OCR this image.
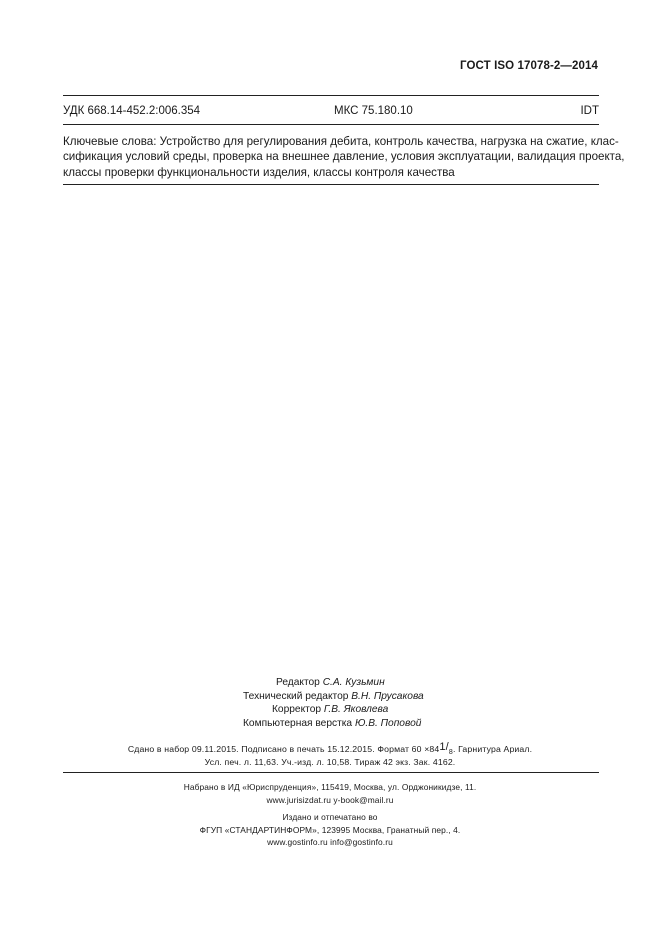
ГОСТ ISO 17078-2—2014
УДК 668.14-452.2:006.354	МКС 75.180.10	IDT
Ключевые слова: Устройство для регулирования дебита, контроль качества, нагрузка на сжатие, клас-
сификация условий среды, проверка на внешнее давление, условия эксплуатации, валидация проекта,
классы проверки функциональности изделия, классы контроля качества
Редактор С.А. Кузьмин
Технический редактор В.Н. Прусакова
Корректор Г.В. Яковлева
Компьютерная верстка Ю.В. Поповой
Сдано в набор 09.11.2015. Подписано в печать 15.12.2015. Формат $60 \times 841/_8$. Гарнитура Ариал.
Усл. печ. л. 11,63. Уч.-изд. л. 10,58. Тираж 42 экз. Зак. 4162.
Набрано в ИД «Юриспруденция», 115419, Москва, ул. Орджоникидзе, 11.
www.jurisizdat.ru y-book@mail.ru
Издано и отпечатано во
ФГУП «СТАНДАРТИНФОРМ», 123995 Москва, Гранатный пер., 4.
www.gostinfo.ru info@gostinfo.ru
